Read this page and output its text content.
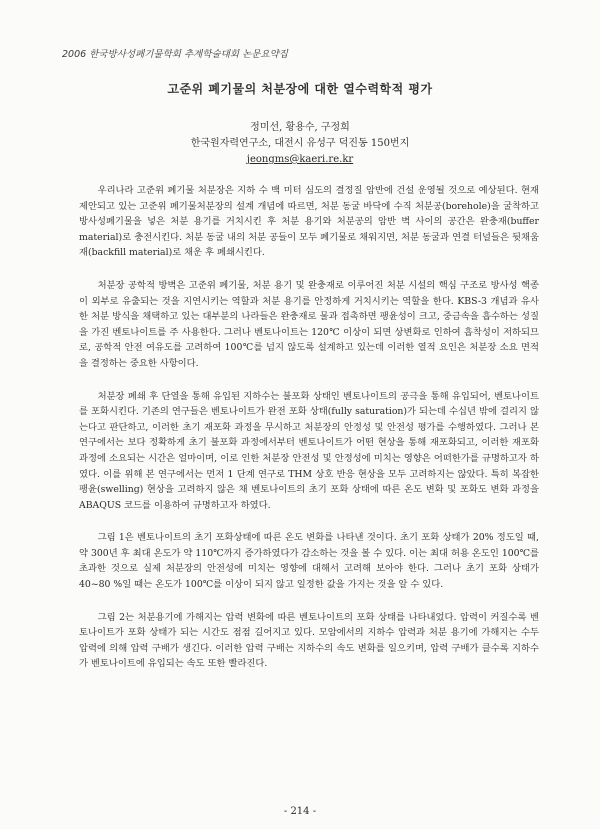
2006 한국방사성폐기물학회 추계학술대회 논문요약집
고준위 폐기물의 처분장에 대한 열수력학적 평가
정미선, 황용수, 구정희
한국원자력연구소, 대전시 유성구 덕진동 150번지
jeongms@kaeri.re.kr

우리나라 고준위 폐기물 처분장은 지하 수 백 미터 심도의 결정질 암반에 건설 운영될 것으로 예상된다. 현재 제안되고 있는 고준위 폐기물처분장의 설계 개념에 따르면, 처분 동굴 바닥에 수직 처분공(borehole)을 굴착하고 방사성폐기물을 넣은 처분 용기를 거치시킨 후 처분 용기와 처분공의 암반 벽 사이의 공간은 완충재(buffer material)로 충전시킨다. 처분 동굴 내의 처분 공들이 모두 폐기물로 채워지면, 처분 동굴과 연결 터널들은 뒷채움재(backfill material)로 채운 후 폐쇄시킨다.

처분장 공학적 방벽은 고준위 폐기물, 처분 용기 및 완충재로 이루어진 처분 시설의 핵심 구조로 방사성 핵종이 외부로 유출되는 것을 지연시키는 역할과 처분 용기를 안정하게 거치시키는 역할을 한다. KBS-3 개념과 유사한 처분 방식을 채택하고 있는 대부분의 나라들은 완충재로 물과 접촉하면 팽윤성이 크고, 중금속을 흡수하는 성질을 가진 벤토나이트를 주 사용한다. 그러나 벤토나이트는 120℃ 이상이 되면 상변화로 인하여 흡착성이 저하되므로, 공학적 안전 여유도를 고려하여 100℃를 넘지 않도록 설계하고 있는데 이러한 열적 요인은 처분장 소요 면적을 결정하는 중요한 사항이다.

처분장 폐쇄 후 단열을 통해 유입된 지하수는 불포화 상태인 벤토나이트의 공극을 통해 유입되어, 벤토나이트를 포화시킨다. 기존의 연구들은 벤토나이트가 완전 포화 상태(fully saturation)가 되는데 수십년 밖에 걸리지 않는다고 판단하고, 이러한 초기 재포화 과정을 무시하고 처분장의 안정성 및 안전성 평가를 수행하였다. 그러나 본 연구에서는 보다 정확하게 초기 불포화 과정에서부터 벤토나이트가 어떤 현상을 통해 재포화되고, 이러한 재포화 과정에 소요되는 시간은 얼마이며, 이로 인한 처분장 안전성 및 안정성에 미치는 영향은 어떠한가를 규명하고자 하였다. 이를 위해 본 연구에서는 먼저 1 단계 연구로 THM 상호 반응 현상을 모두 고려하지는 않았다. 특히 복잡한 팽윤(swelling) 현상을 고려하지 않은 채 벤토나이트의 초기 포화 상태에 따른 온도 변화 및 포화도 변화 과정을 ABAQUS 코드를 이용하여 규명하고자 하였다.

그림 1은 벤토나이트의 초기 포화상태에 따른 온도 변화를 나타낸 것이다. 초기 포화 상태가 20% 정도일 때, 약 300년 후 최대 온도가 약 110℃까지 증가하였다가 감소하는 것을 볼 수 있다. 이는 최대 허용 온도인 100℃를 초과한 것으로 실제 처분장의 안전성에 미치는 영향에 대해서 고려해 보아야 한다. 그러나 초기 포화 상태가 40~80 %일 때는 온도가 100℃를 이상이 되지 않고 일정한 값을 가지는 것을 알 수 있다.

그림 2는 처분용기에 가해지는 압력 변화에 따른 벤토나이트의 포화 상태를 나타내었다. 압력이 커질수록 벤토나이트가 포화 상태가 되는 시간도 점점 길어지고 있다. 모암에서의 지하수 압력과 처분 용기에 가해지는 수두 압력에 의해 압력 구배가 생긴다. 이러한 압력 구배는 지하수의 속도 변화를 일으키며, 압력 구배가 클수록 지하수가 벤토나이트에 유입되는 속도 또한 빨라진다.

- 214 -
